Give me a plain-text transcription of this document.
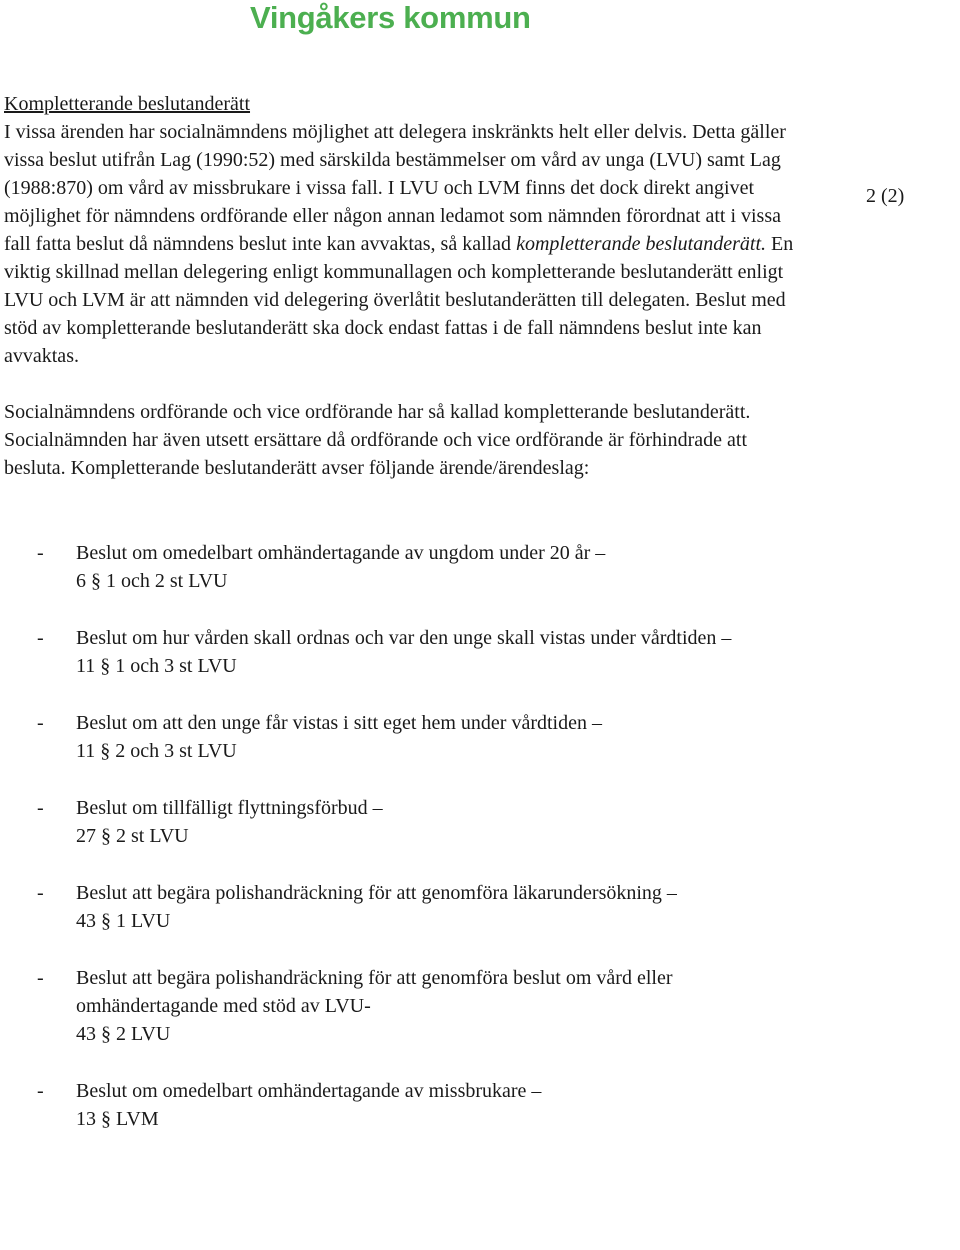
Vingåkers kommun
2 (2)
Kompletterande beslutanderätt

I vissa ärenden har socialnämndens möjlighet att delegera inskränkts helt eller delvis. Detta gäller vissa beslut utifrån Lag (1990:52) med särskilda bestämmelser om vård av unga (LVU) samt Lag (1988:870) om vård av missbrukare i vissa fall. I LVU och LVM finns det dock direkt angivet möjlighet för nämndens ordförande eller någon annan ledamot som nämnden förordnat att i vissa fall fatta beslut då nämndens beslut inte kan avvaktas, så kallad kompletterande beslutanderätt. En viktig skillnad mellan delegering enligt kommunallagen och kompletterande beslutanderätt enligt LVU och LVM är att nämnden vid delegering överlåtit beslutanderätten till delegaten. Beslut med stöd av kompletterande beslutanderätt ska dock endast fattas i de fall nämndens beslut inte kan avvaktas.

Socialnämndens ordförande och vice ordförande har så kallad kompletterande beslutanderätt. Socialnämnden har även utsett ersättare då ordförande och vice ordförande är förhindrade att besluta. Kompletterande beslutanderätt avser följande ärende/ärendeslag:

- Beslut om omedelbart omhändertagande av ungdom under 20 år –
6 § 1 och 2 st LVU
- Beslut om hur vården skall ordnas och var den unge skall vistas under vårdtiden –
11 § 1 och 3 st LVU
- Beslut om att den unge får vistas i sitt eget hem under vårdtiden –
11 § 2 och 3 st LVU
- Beslut om tillfälligt flyttningsförbud –
27 § 2 st LVU
- Beslut att begära polishandräckning för att genomföra läkarundersökning –
43 § 1 LVU
- Beslut att begära polishandräckning för att genomföra beslut om vård eller omhändertagande med stöd av LVU-
43 § 2 LVU
- Beslut om omedelbart omhändertagande av missbrukare –
13 § LVM
